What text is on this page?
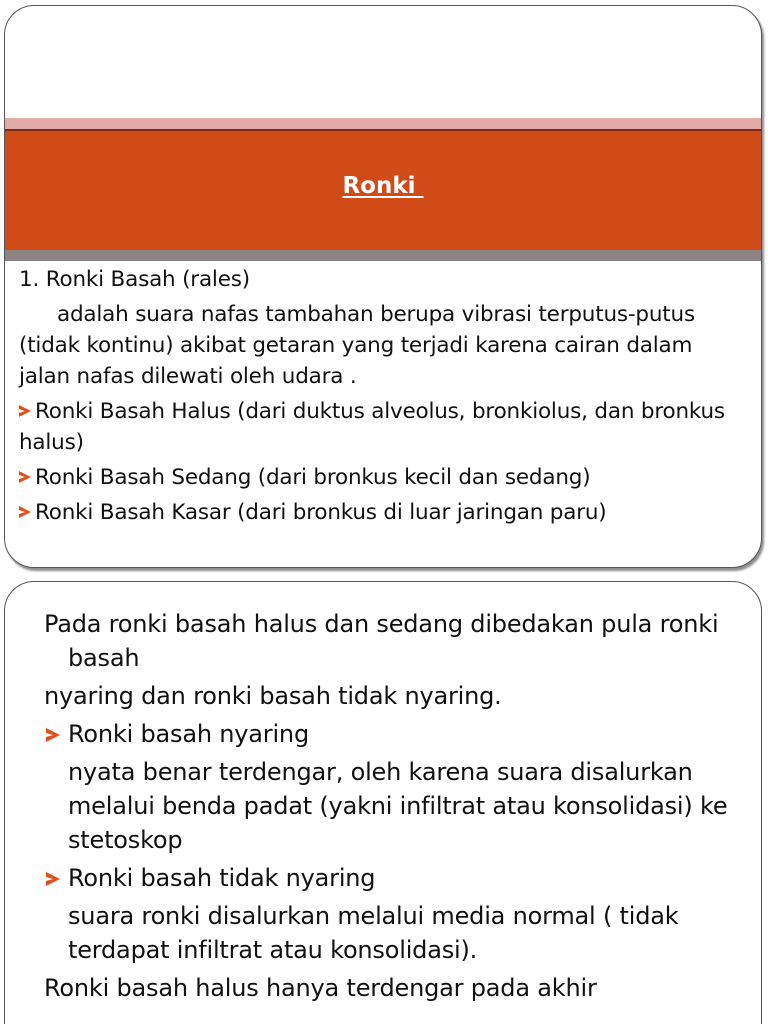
Ronki

1. Ronki Basah (rales)

adalah suara nafas tambahan berupa vibrasi terputus-putus (tidak kontinu) akibat getaran yang terjadi karena cairan dalam jalan nafas dilewati oleh udara .

Ronki Basah Halus (dari duktus alveolus, bronkiolus, dan bronkus halus)

Ronki Basah Sedang (dari bronkus kecil dan sedang)

Ronki Basah Kasar (dari bronkus di luar jaringan paru)

Pada ronki basah halus dan sedang dibedakan pula ronki basah

nyaring dan ronki basah tidak nyaring.

Ronki basah nyaring

nyata benar terdengar, oleh karena suara disalurkan melalui benda padat (yakni infiltrat atau konsolidasi) ke stetoskop

Ronki basah tidak nyaring

suara ronki disalurkan melalui media normal ( tidak terdapat infiltrat atau konsolidasi).

Ronki basah halus hanya terdengar pada akhir
